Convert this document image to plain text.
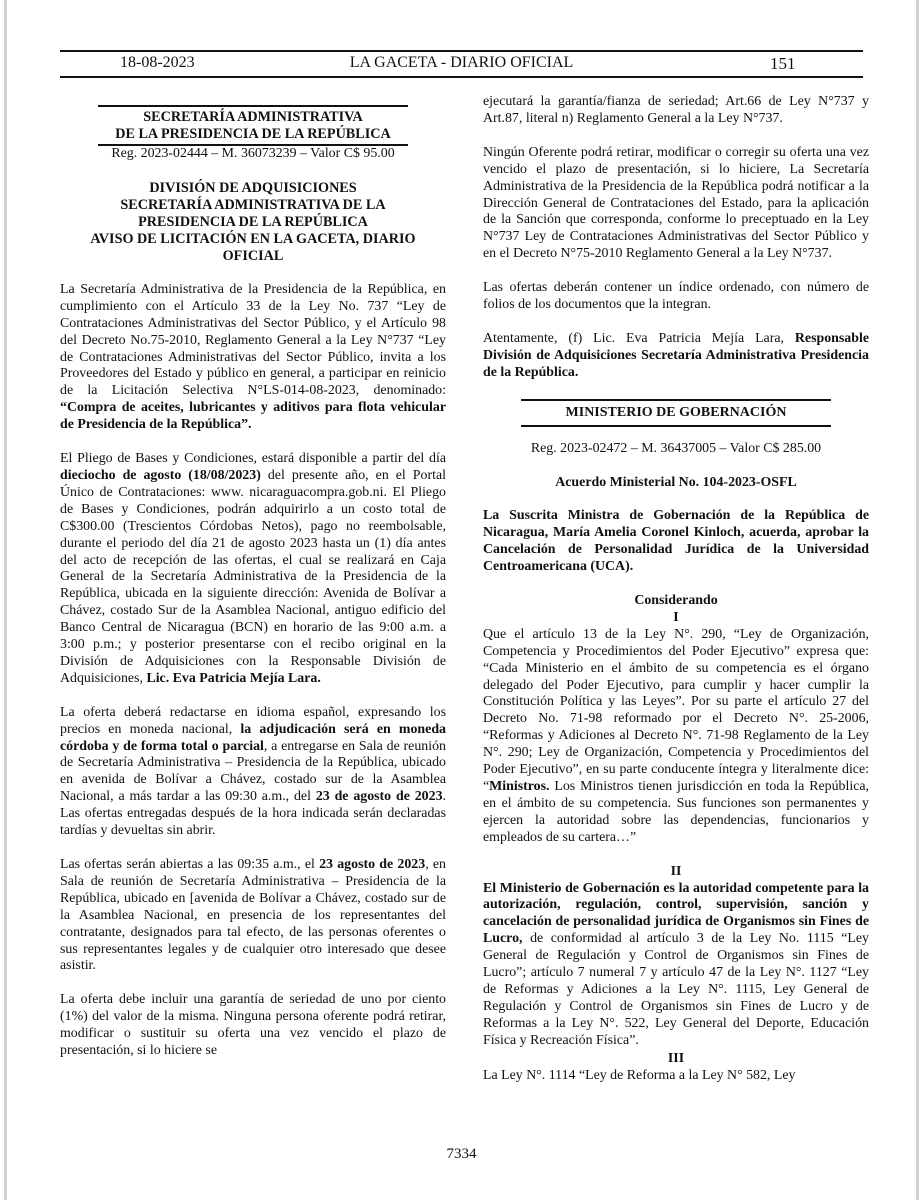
18-08-2023	LA GACETA - DIARIO OFICIAL	151
SECRETARÍA ADMINISTRATIVA
DE LA PRESIDENCIA DE LA REPÚBLICA

Reg. 2023-02444 – M. 36073239 – Valor C$ 95.00

DIVISIÓN DE ADQUISICIONES
SECRETARÍA ADMINISTRATIVA DE LA PRESIDENCIA DE LA REPÚBLICA
AVISO DE LICITACIÓN EN LA GACETA, DIARIO OFICIAL

La Secretaría Administrativa de la Presidencia de la República, en cumplimiento con el Artículo 33 de la Ley No. 737 “Ley de Contrataciones Administrativas del Sector Público, y el Artículo 98 del Decreto No.75-2010, Reglamento General a la Ley N°737 “Ley de Contrataciones Administrativas del Sector Público, invita a los Proveedores del Estado y público en general, a participar en reinicio de la Licitación Selectiva N°LS-014-08-2023, denominado: “Compra de aceites, lubricantes y aditivos para flota vehicular de Presidencia de la República”.

El Pliego de Bases y Condiciones, estará disponible a partir del día dieciocho de agosto (18/08/2023) del presente año, en el Portal Único de Contrataciones: www. nicaraguacompra.gob.ni. El Pliego de Bases y Condiciones, podrán adquirirlo a un costo total de C$300.00 (Trescientos Córdobas Netos), pago no reembolsable, durante el periodo del día 21 de agosto 2023 hasta un (1) día antes del acto de recepción de las ofertas, el cual se realizará en Caja General de la Secretaría Administrativa de la Presidencia de la República, ubicada en la siguiente dirección: Avenida de Bolívar a Chávez, costado Sur de la Asamblea Nacional, antiguo edificio del Banco Central de Nicaragua (BCN) en horario de las 9:00 a.m. a 3:00 p.m.; y posterior presentarse con el recibo original en la División de Adquisiciones con la Responsable División de Adquisiciones, Lic. Eva Patricia Mejía Lara.

La oferta deberá redactarse en idioma español, expresando los precios en moneda nacional, la adjudicación será en moneda córdoba y de forma total o parcial, a entregarse en Sala de reunión de Secretaría Administrativa – Presidencia de la República, ubicado en avenida de Bolívar a Chávez, costado sur de la Asamblea Nacional, a más tardar a las 09:30 a.m., del 23 de agosto de 2023. Las ofertas entregadas después de la hora indicada serán declaradas tardías y devueltas sin abrir.

Las ofertas serán abiertas a las 09:35 a.m., el 23 agosto de 2023, en Sala de reunión de Secretaría Administrativa – Presidencia de la República, ubicado en [avenida de Bolívar a Chávez, costado sur de la Asamblea Nacional, en presencia de los representantes del contratante, designados para tal efecto, de las personas oferentes o sus representantes legales y de cualquier otro interesado que desee asistir.

La oferta debe incluir una garantía de seriedad de uno por ciento (1%) del valor de la misma. Ninguna persona oferente podrá retirar, modificar o sustituir su oferta una vez vencido el plazo de presentación, si lo hiciere se

ejecutará la garantía/fianza de seriedad; Art.66 de Ley N°737 y Art.87, literal n) Reglamento General a la Ley N°737.

Ningún Oferente podrá retirar, modificar o corregir su oferta una vez vencido el plazo de presentación, si lo hiciere, La Secretaría Administrativa de la Presidencia de la República podrá notificar a la Dirección General de Contrataciones del Estado, para la aplicación de la Sanción que corresponda, conforme lo preceptuado en la Ley N°737 Ley de Contrataciones Administrativas del Sector Público y en el Decreto N°75-2010 Reglamento General a la Ley N°737.

Las ofertas deberán contener un índice ordenado, con número de folios de los documentos que la integran.

Atentamente, (f) Lic. Eva Patricia Mejía Lara, Responsable División de Adquisiciones Secretaría Administrativa Presidencia de la República.

MINISTERIO DE GOBERNACIÓN

Reg. 2023-02472 – M. 36437005 – Valor C$ 285.00

Acuerdo Ministerial No. 104-2023-OSFL

La Suscrita Ministra de Gobernación de la República de Nicaragua, María Amelia Coronel Kinloch, acuerda, aprobar la Cancelación de Personalidad Jurídica de la Universidad Centroamericana (UCA).

Considerando
I

Que el artículo 13 de la Ley N°. 290, “Ley de Organización, Competencia y Procedimientos del Poder Ejecutivo” expresa que: “Cada Ministerio en el ámbito de su competencia es el órgano delegado del Poder Ejecutivo, para cumplir y hacer cumplir la Constitución Política y las Leyes”. Por su parte el artículo 27 del Decreto No. 71-98 reformado por el Decreto N°. 25-2006, “Reformas y Adiciones al Decreto N°. 71-98 Reglamento de la Ley N°. 290; Ley de Organización, Competencia y Procedimientos del Poder Ejecutivo”, en su parte conducente íntegra y literalmente dice: “Ministros. Los Ministros tienen jurisdicción en toda la República, en el ámbito de su competencia. Sus funciones son permanentes y ejercen la autoridad sobre las dependencias, funcionarios y empleados de su cartera…”

II

El Ministerio de Gobernación es la autoridad competente para la autorización, regulación, control, supervisión, sanción y cancelación de personalidad jurídica de Organismos sin Fines de Lucro, de conformidad al artículo 3 de la Ley No. 1115 “Ley General de Regulación y Control de Organismos sin Fines de Lucro”; artículo 7 numeral 7 y artículo 47 de la Ley N°. 1127 “Ley de Reformas y Adiciones a la Ley N°. 1115, Ley General de Regulación y Control de Organismos sin Fines de Lucro y de Reformas a la Ley N°. 522, Ley General del Deporte, Educación Física y Recreación Física”.

III

La Ley N°. 1114 “Ley de Reforma a la Ley N° 582, Ley

7334
